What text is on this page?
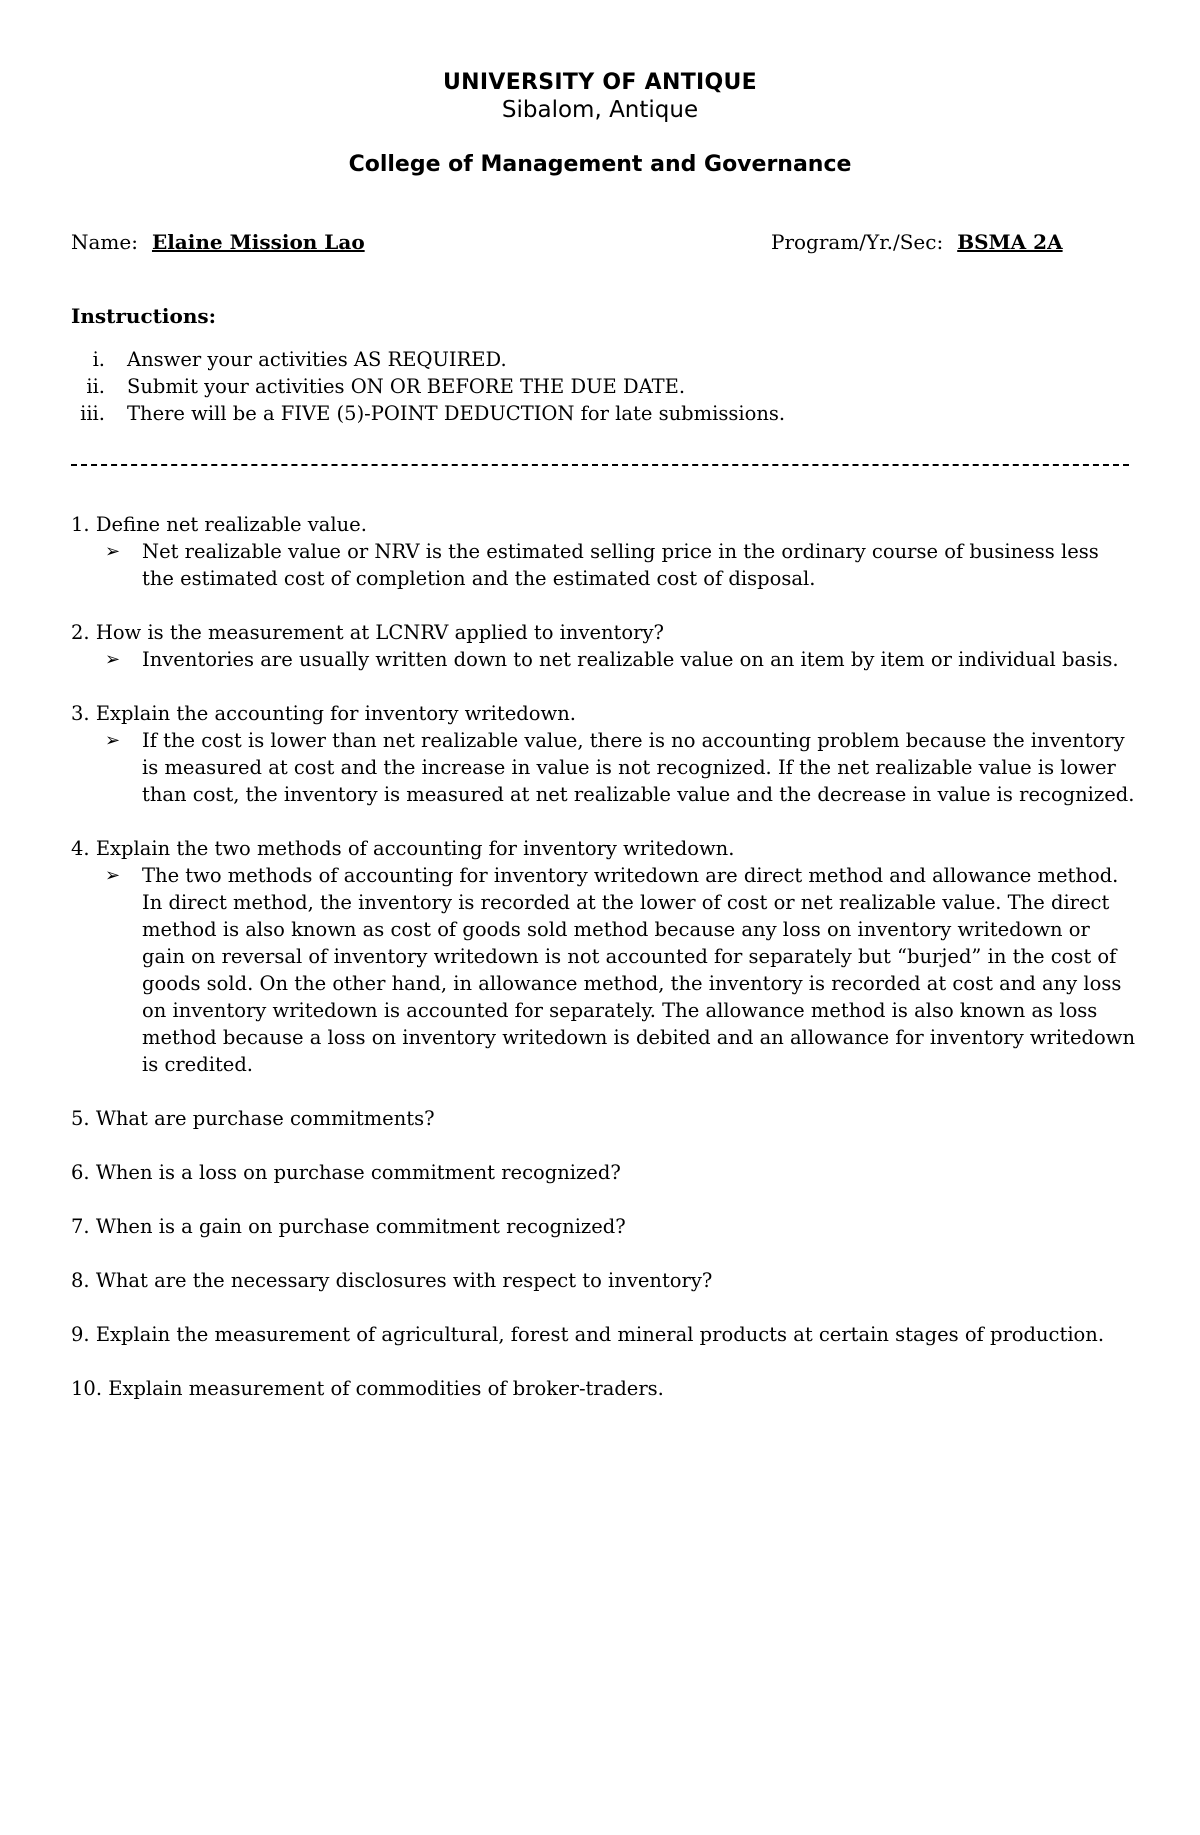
UNIVERSITY OF ANTIQUE
Sibalom, Antique
College of Management and Governance
Name: Elaine Mission Lao	Program/Yr./Sec: BSMA 2A
Instructions:
i. Answer your activities AS REQUIRED.
ii. Submit your activities ON OR BEFORE THE DUE DATE.
iii. There will be a FIVE (5)-POINT DEDUCTION for late submissions.
1. Define net realizable value.
➢ Net realizable value or NRV is the estimated selling price in the ordinary course of business less the estimated cost of completion and the estimated cost of disposal.
2. How is the measurement at LCNRV applied to inventory?
➢ Inventories are usually written down to net realizable value on an item by item or individual basis.
3. Explain the accounting for inventory writedown.
➢ If the cost is lower than net realizable value, there is no accounting problem because the inventory is measured at cost and the increase in value is not recognized. If the net realizable value is lower than cost, the inventory is measured at net realizable value and the decrease in value is recognized.
4. Explain the two methods of accounting for inventory writedown.
➢ The two methods of accounting for inventory writedown are direct method and allowance method. In direct method, the inventory is recorded at the lower of cost or net realizable value. The direct method is also known as cost of goods sold method because any loss on inventory writedown or gain on reversal of inventory writedown is not accounted for separately but “burjed” in the cost of goods sold. On the other hand, in allowance method, the inventory is recorded at cost and any loss on inventory writedown is accounted for separately. The allowance method is also known as loss method because a loss on inventory writedown is debited and an allowance for inventory writedown is credited.
5. What are purchase commitments?
6. When is a loss on purchase commitment recognized?
7. When is a gain on purchase commitment recognized?
8. What are the necessary disclosures with respect to inventory?
9. Explain the measurement of agricultural, forest and mineral products at certain stages of production.
10. Explain measurement of commodities of broker-traders.
